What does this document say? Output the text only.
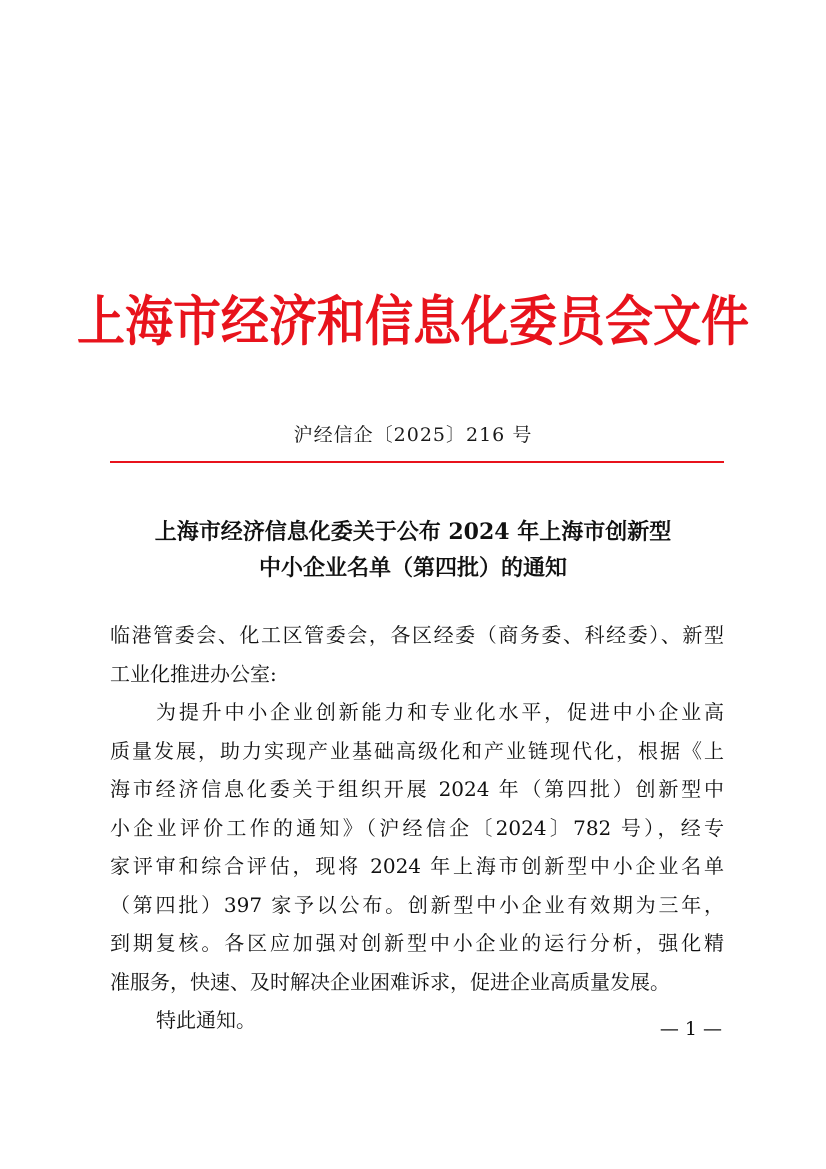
上海市经济和信息化委员会文件
沪经信企〔2025〕216 号
上海市经济信息化委关于公布 2024 年上海市创新型
中小企业名单（第四批）的通知
临港管委会、化工区管委会，各区经委（商务委、科经委）、新型
工业化推进办公室:
为提升中小企业创新能力和专业化水平，促进中小企业高
质量发展，助力实现产业基础高级化和产业链现代化，根据《上
海市经济信息化委关于组织开展 2024 年（第四批）创新型中
小企业评价工作的通知》（沪经信企〔2024〕782 号），经专
家评审和综合评估，现将 2024 年上海市创新型中小企业名单
（第四批）397 家予以公布。创新型中小企业有效期为三年，
到期复核。各区应加强对创新型中小企业的运行分析，强化精
准服务，快速、及时解决企业困难诉求，促进企业高质量发展。
特此通知。	— 1 —
